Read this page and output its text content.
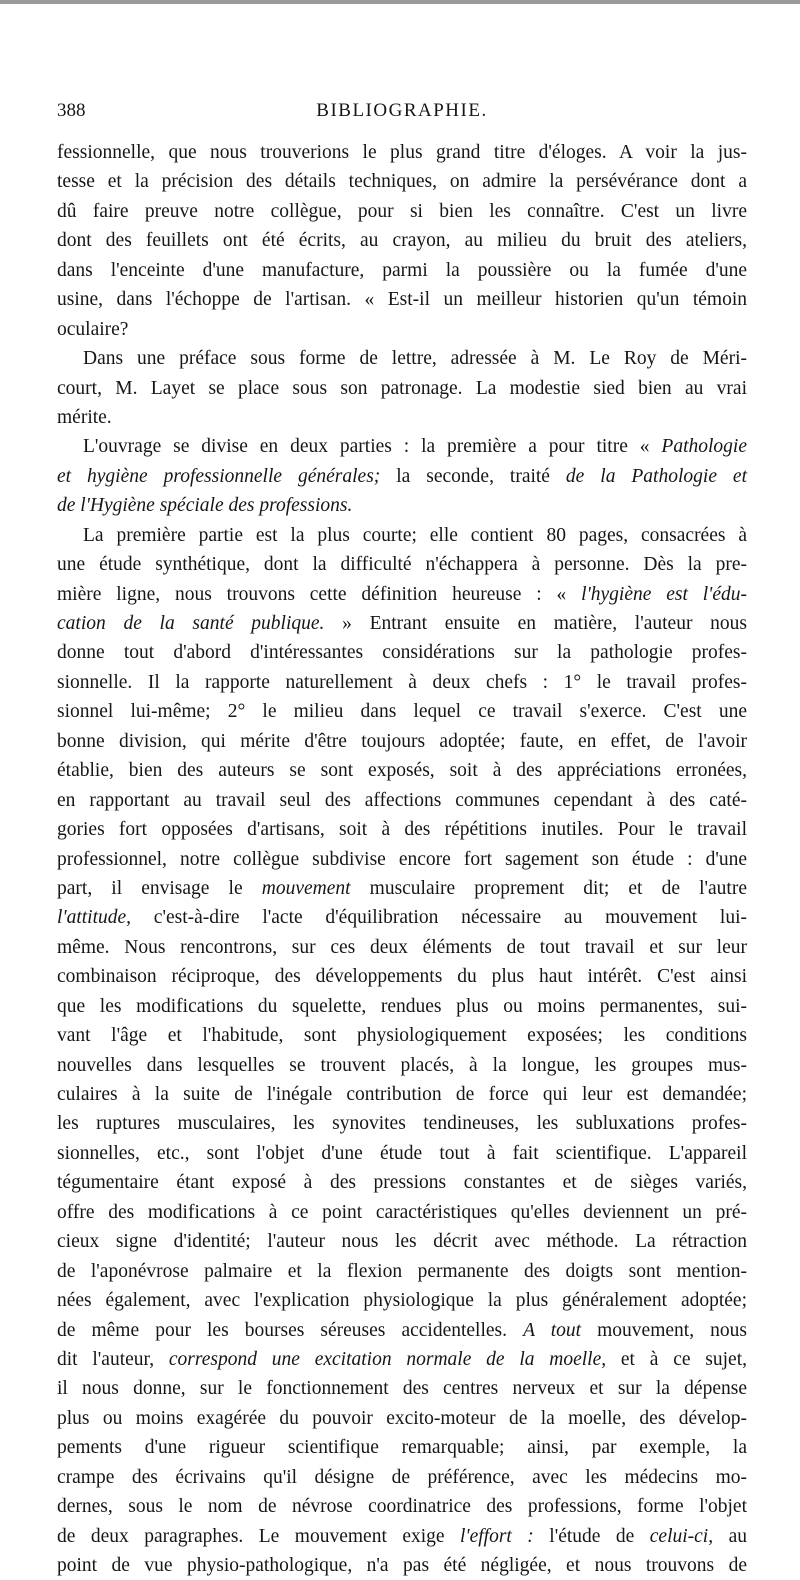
388	BIBLIOGRAPHIE.
fessionnelle, que nous trouverions le plus grand titre d'éloges. A voir la jus-
tesse et la précision des détails techniques, on admire la persévérance dont a
dû faire preuve notre collègue, pour si bien les connaître. C'est un livre
dont des feuillets ont été écrits, au crayon, au milieu du bruit des ateliers,
dans l'enceinte d'une manufacture, parmi la poussière ou la fumée d'une
usine, dans l'échoppe de l'artisan. « Est-il un meilleur historien qu'un témoin
oculaire?
Dans une préface sous forme de lettre, adressée à M. Le Roy de Méri-
court, M. Layet se place sous son patronage. La modestie sied bien au vrai
mérite.
L'ouvrage se divise en deux parties : la première a pour titre « Pathologie
et hygiène professionnelle générales; la seconde, traité de la Pathologie et
de l'Hygiène spéciale des professions.
La première partie est la plus courte; elle contient 80 pages, consacrées à
une étude synthétique, dont la difficulté n'échappera à personne. Dès la pre-
mière ligne, nous trouvons cette définition heureuse : « l'hygiène est l'édu-
cation de la santé publique. » Entrant ensuite en matière, l'auteur nous
donne tout d'abord d'intéressantes considérations sur la pathologie profes-
sionnelle. Il la rapporte naturellement à deux chefs : 1° le travail profes-
sionnel lui-même; 2° le milieu dans lequel ce travail s'exerce. C'est une
bonne division, qui mérite d'être toujours adoptée; faute, en effet, de l'avoir
établie, bien des auteurs se sont exposés, soit à des appréciations erronées,
en rapportant au travail seul des affections communes cependant à des caté-
gories fort opposées d'artisans, soit à des répétitions inutiles. Pour le travail
professionnel, notre collègue subdivise encore fort sagement son étude : d'une
part, il envisage le mouvement musculaire proprement dit; et de l'autre
l'attitude, c'est-à-dire l'acte d'équilibration nécessaire au mouvement lui-
même. Nous rencontrons, sur ces deux éléments de tout travail et sur leur
combinaison réciproque, des développements du plus haut intérêt. C'est ainsi
que les modifications du squelette, rendues plus ou moins permanentes, sui-
vant l'âge et l'habitude, sont physiologiquement exposées; les conditions
nouvelles dans lesquelles se trouvent placés, à la longue, les groupes mus-
culaires à la suite de l'inégale contribution de force qui leur est demandée;
les ruptures musculaires, les synovites tendineuses, les subluxations profes-
sionnelles, etc., sont l'objet d'une étude tout à fait scientifique. L'appareil
tégumentaire étant exposé à des pressions constantes et de sièges variés,
offre des modifications à ce point caractéristiques qu'elles deviennent un pré-
cieux signe d'identité; l'auteur nous les décrit avec méthode. La rétraction
de l'aponévrose palmaire et la flexion permanente des doigts sont mention-
nées également, avec l'explication physiologique la plus généralement adoptée;
de même pour les bourses séreuses accidentelles. A tout mouvement, nous
dit l'auteur, correspond une excitation normale de la moelle, et à ce sujet,
il nous donne, sur le fonctionnement des centres nerveux et sur la dépense
plus ou moins exagérée du pouvoir excito-moteur de la moelle, des dévelop-
pements d'une rigueur scientifique remarquable; ainsi, par exemple, la
crampe des écrivains qu'il désigne de préférence, avec les médecins mo-
dernes, sous le nom de névrose coordinatrice des professions, forme l'objet
de deux paragraphes. Le mouvement exige l'effort : l'étude de celui-ci, au
point de vue physio-pathologique, n'a pas été négligée, et nous trouvons de
